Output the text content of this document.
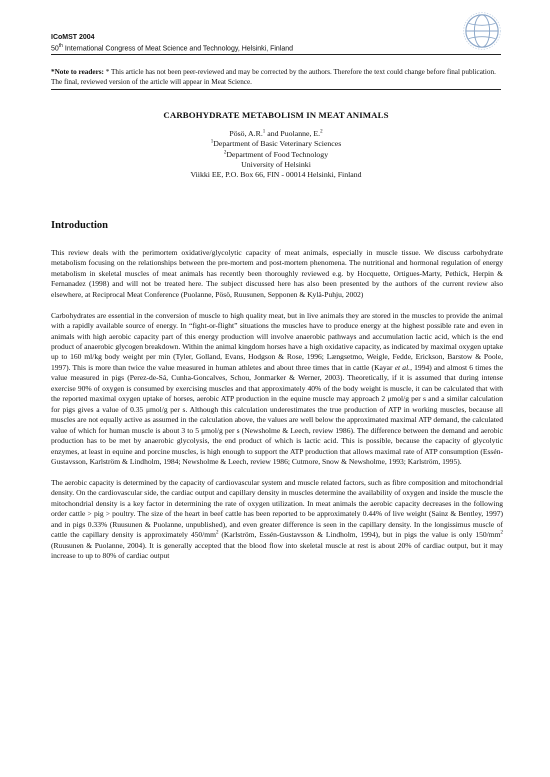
ICoMST 2004
50th International Congress of Meat Science and Technology, Helsinki, Finland
*Note to readers: * This article has not been peer-reviewed and may be corrected by the authors. Therefore the text could change before final publication. The final, reviewed version of the article will appear in Meat Science.
CARBOHYDRATE METABOLISM IN MEAT ANIMALS
Pösö, A.R.$^1$ and Puolanne, E.$^2$
$^1$Department of Basic Veterinary Sciences
$^2$Department of Food Technology
University of Helsinki
Viikki EE, P.O. Box 66, FIN - 00014 Helsinki, Finland
Introduction

This review deals with the perimortem oxidative/glycolytic capacity of meat animals, especially in muscle tissue. We discuss carbohydrate metabolism focusing on the relationships between the pre-mortem and post-mortem phenomena. The nutritional and hormonal regulation of energy metabolism in skeletal muscles of meat animals has recently been thoroughly reviewed e.g. by Hocquette, Ortigues-Marty, Pethick, Herpin & Fernanadez (1998) and will not be treated here. The subject discussed here has also been presented by the authors of the current review also elsewhere, at Reciprocal Meat Conference (Puolanne, Pösö, Ruusunen, Sepponen & Kylä-Puhju, 2002)

Carbohydrates are essential in the conversion of muscle to high quality meat, but in live animals they are stored in the muscles to provide the animal with a rapidly available source of energy. In “fight-or-flight” situations the muscles have to produce energy at the highest possible rate and even in animals with high aerobic capacity part of this energy production will involve anaerobic pathways and accumulation lactic acid, which is the end product of anaerobic glycogen breakdown. Within the animal kingdom horses have a high oxidative capacity, as indicated by maximal oxygen uptake up to 160 ml/kg body weight per min (Tyler, Golland, Evans, Hodgson & Rose, 1996; Længsetmo, Weigle, Fedde, Erickson, Barstow & Poole, 1997). This is more than twice the value measured in human athletes and about three times that in cattle (Kayar et al., 1994) and almost 6 times the value measured in pigs (Perez-de-Sá, Cunha-Goncalves, Schou, Jonmarker & Werner, 2003). Theoretically, if it is assumed that during intense exercise 90% of oxygen is consumed by exercising muscles and that approximately 40% of the body weight is muscle, it can be calculated that with the reported maximal oxygen uptake of horses, aerobic ATP production in the equine muscle may approach 2 μmol/g per s and a similar calculation for pigs gives a value of 0.35 μmol/g per s. Although this calculation underestimates the true production of ATP in working muscles, because all muscles are not equally active as assumed in the calculation above, the values are well below the approximated maximal ATP demand, the calculated value of which for human muscle is about 3 to 5 μmol/g per s (Newsholme & Leech, review 1986). The difference between the demand and aerobic production has to be met by anaerobic glycolysis, the end product of which is lactic acid. This is possible, because the capacity of glycolytic enzymes, at least in equine and porcine muscles, is high enough to support the ATP production that allows maximal rate of ATP consumption (Essén-Gustavsson, Karlström & Lindholm, 1984; Newsholme & Leech, review 1986; Cutmore, Snow & Newsholme, 1993; Karlström, 1995).

The aerobic capacity is determined by the capacity of cardiovascular system and muscle related factors, such as fibre composition and mitochondrial density. On the cardiovascular side, the cardiac output and capillary density in muscles determine the availability of oxygen and inside the muscle the mitochondrial density is a key factor in determining the rate of oxygen utilization. In meat animals the aerobic capacity decreases in the following order cattle > pig > poultry. The size of the heart in beef cattle has been reported to be approximately 0.44% of live weight (Sainz & Bentley, 1997) and in pigs 0.33% (Ruusunen & Puolanne, unpublished), and even greater difference is seen in the capillary density. In the longissimus muscle of cattle the capillary density is approximately $450/mm^2$ (Karlström, Essén-Gustavsson & Lindholm, 1994), but in pigs the value is only $150/mm^2$ (Ruusunen & Puolanne, 2004). It is generally accepted that the blood flow into skeletal muscle at rest is about 20% of cardiac output, but it may increase to up to 80% of cardiac output
